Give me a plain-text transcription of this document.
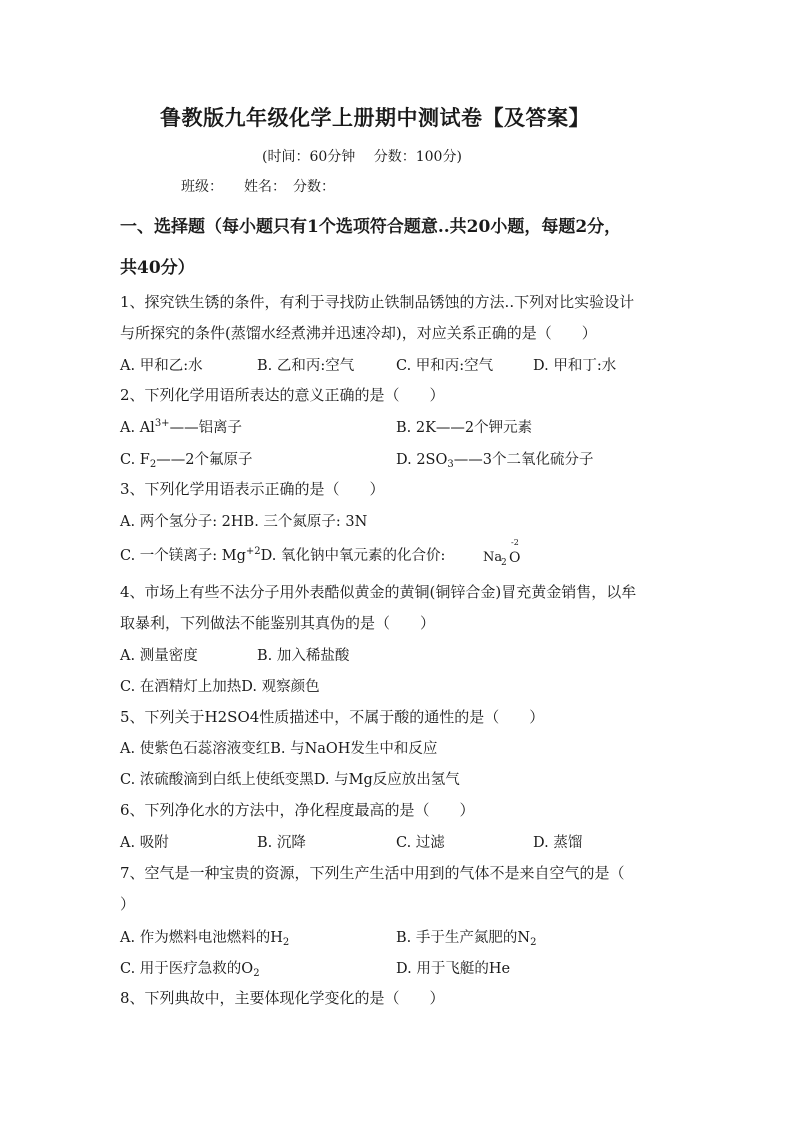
鲁教版九年级化学上册期中测试卷【及答案】
(时间：60分钟　 分数：100分)
班级：　　姓名：　分数：
一、选择题（每小题只有1个选项符合题意..共20小题，每题2分，
共40分）
1、探究铁生锈的条件，有利于寻找防止铁制品锈蚀的方法..下列对比实验设计
与所探究的条件(蒸馏水经煮沸并迅速冷却)，对应关系正确的是（　　）
A. 甲和乙:水	B. 乙和丙:空气	C. 甲和丙:空气	D. 甲和丁:水
2、下列化学用语所表达的意义正确的是（　　）
A. $Al^{3+}——$铝离子	B. 2K——2个钾元素
C. $F_2——2$个氟原子	D. $2SO_3——3$个二氧化硫分子
3、下列化学用语表示正确的是（　　）
A. 两个氢分子: 2HB. 三个氮原子: 3N
C. 一个镁离子: $Mg^{+2}D$. 氧化钠中氧元素的化合价:	Na
2 O
-2
4、市场上有些不法分子用外表酷似黄金的黄铜(铜锌合金)冒充黄金销售，以牟
取暴利，下列做法不能鉴别其真伪的是（　　）
A. 测量密度	B. 加入稀盐酸
C. 在酒精灯上加热D. 观察颜色
5、下列关于H2SO4性质描述中，不属于酸的通性的是（　　）
A. 使紫色石蕊溶液变红B. 与NaOH发生中和反应
C. 浓硫酸滴到白纸上使纸变黑D. 与Mg反应放出氢气
6、下列净化水的方法中，净化程度最高的是（　　）
A. 吸附	B. 沉降	C. 过滤	D. 蒸馏
7、空气是一种宝贵的资源，下列生产生活中用到的气体不是来自空气的是（
）
A. 作为燃料电池燃料的$H_2$	B. 手于生产氮肥的$N_2$
C. 用于医疗急救的$O_2$	D. 用于飞艇的He
8、下列典故中，主要体现化学变化的是（　　）
